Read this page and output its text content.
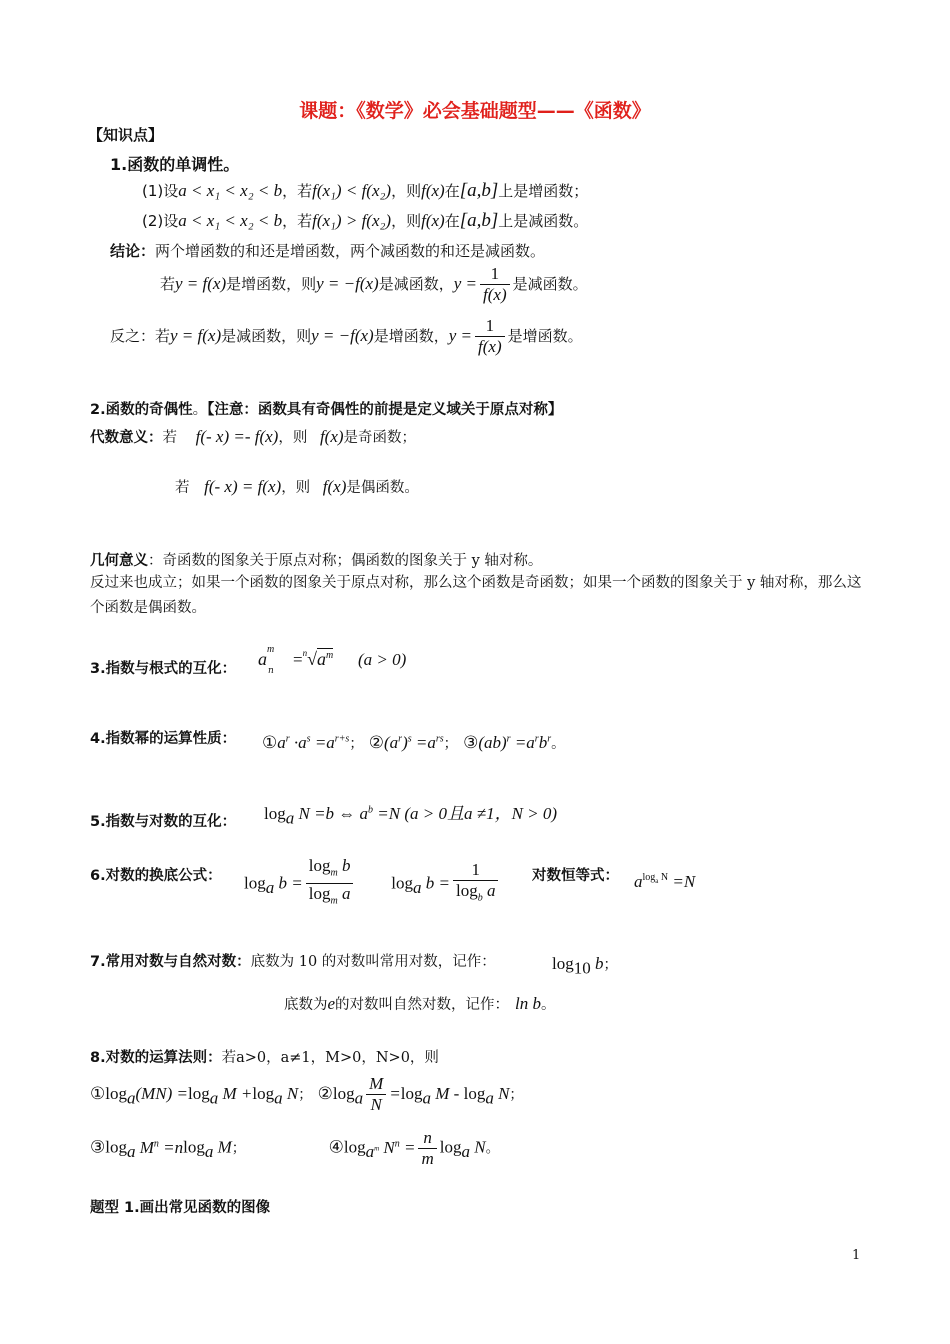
课题：《数学》必会基础题型——《函数》
【知识点】
1.函数的单调性。
(1)设a < x₁ < x₂ < b，若f(x₁) < f(x₂)，则f(x)在[a,b]上是增函数；
(2)设a < x₁ < x₂ < b，若f(x₁) > f(x₂)，则f(x)在[a,b]上是减函数。
结论：两个增函数的和还是增函数，两个减函数的和还是减函数。
若y = f(x)是增函数，则y = −f(x)是减函数，$y = \frac{1}{f(x)}$ 是减函数。
反之：若y = f(x)是减函数，则y = −f(x)是增函数，$y = \frac{1}{f(x)}$ 是增函数。
2.函数的奇偶性。【注意：函数具有奇偶性的前提是定义域关于原点对称】
代数意义：若 f(- x) =- f(x)，则 f(x)是奇函数；
若 f(- x) = f(x)，则 f(x)是偶函数。
几何意义：奇函数的图象关于原点对称；偶函数的图象关于 y 轴对称。

反过来也成立；如果一个函数的图象关于原点对称，那么这个函数是奇函数；如果一个函数的图象关于 y 轴对称，那么这个函数是偶函数。

3.指数与根式的互化： $a^m$
n
$=^n√a^m$ (a > 0)
4.指数幂的运算性质： $①a^r \cdot a^s =a^{r+s}$； $②(a^r)^s =a^{rs}$； ③(ab)$^r$ $=a^rb^r$。
5.指数与对数的互化： $\log_a N =b$ ⇔ $a^b =N$ (a > 0且a ≠1，N > 0)
6.对数的换底公式： $\log_a b = \frac{\log_m b}{\log_m a} \log_a b = \frac{1}{\log_b a}$ 对数恒等式： $a^{log_a N} =N$
7.常用对数与自然对数：底数为 10 的对数叫常用对数，记作：	$\log_{10} b$；
底数为e的对数叫自然对数，记作： ln b。
8.对数的运算法则：若a>0，a≠1，M>0，N>0，则
$①\log_a(MN) =\log_a$ $M +\log_a$ N； $②\log_a \frac{M}{N} =\log_a$ M - $\log_a N$；
$③\log_a$ $M^n =nlog_a$ M；	$④\log_{a^m}$ $N^n = \frac{n}{m} \log_a N$。
题型 1.画出常见函数的图像
1
